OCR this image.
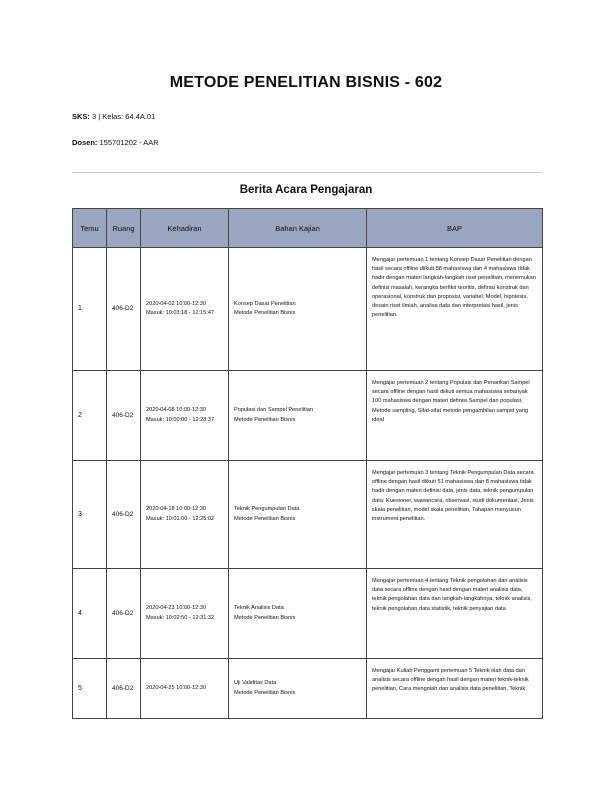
METODE PENELITIAN BISNIS - 602
SKS: 3 | Kelas: 64.4A.01
Dosen: 155701202 - AAR
Berita Acara Pengajaran
Temu	Ruang	Kehadiran	Bahan Kajian	BAP
1	406-D2	2020-04-02 10:00-12:30
Masuk: 10:03:18 - 12:15:47	Konsep Dasar Penelitian
Metode Penelitian Bisnis	Mengajar pertemuan 1 tentang Konsep Dasar Penelitian dengan hasil secara offline diikuti 58 mahasiswa dan 4 mahasiswa tidak hadir dengan materi langkah-langkah riset penelitian, menemukan definisi masalah, kerangka berfikir teoritis, definisi konstruk dan operasional, konstruk dan proposisi, variabel, Model, hipotesis, desain riset ilmiah, analisa data dan interpretasi hasil, jenis penelitian.
2	406-D2	2020-04-08 10:00-12:30
Masuk: 10:00:00 - 12:28:37	Populasi dan Sampel Penelitian
Metode Penelitian Bisnis	Mengajar pertemuan 2 tentang Populasi dan Penarikan Sampel secara offline dengan hasil diikuti semua mahasiswa sebanyak 100 mahasiswa dengan materi definisi Sampel dan populasi, Metode sampling, Sifat-sifat metode pengambilan sampel yang ideal
3	406-D2	2020-04-18 10:00-12:30
Masuk: 10:01:00 - 12:25:02	Teknik Pengumpulan Data
Metode Penelitian Bisnis	Mengajar pertemuan 3 tentang Teknik Pengumpulan Data secara offline dengan hasil diikuti 51 mahasiswa dan 8 mahasiswa tidak hadir dengan materi definisi data, jenis data, teknik pengumpulan data: Kuesioner, wawancara, observasi, studi dokumentasi, Jenis skala penelitian, model skala penelitian, Tahapan menyusun instrument penelitian.
4	406-D2	2020-04-23 10:00-12:30
Masuk: 10:02:50 - 12:31:32	Teknik Analisis Data
Metode Penelitian Bisnis	Mengajar pertemuan 4 tentang Teknik pengolahan dan analisis data secara offline dengan hasil dengan materi analisis data, teknik pengolahan data dan langkah-langkahnya, teknik analisis, teknik pengolahan data statistik, teknik penyajian data
5	406-D2	2020-04-25 10:00-12:30	Uji Validitas Data
Metode Penelitian Bisnis	Mengajar Kuliah Pengganti pertemuan 5 Teknik olah data dan analisis secara offline dengan hasil dengan materi teknik-teknik penelitian, Cara mengolah dan analisis data penelitian, Teknik
